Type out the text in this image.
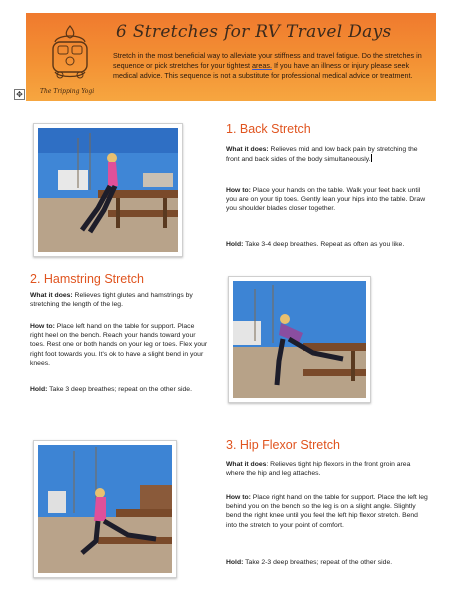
The Tripping Yogi
6 Stretches for RV Travel Days
Stretch in the most beneficial way to alleviate your stiffness and travel fatigue. Do the stretches in sequence or pick stretches for your tightest areas. If you have an illness or injury please seek medical advice. This sequence is not a substitute for professional medical advice or treatment.
✥
1. Back Stretch
What it does: Relieves mid and low back pain by stretching the front and back sides of the body simultaneously.
How to: Place your hands on the table. Walk your feet back until you are on your tip toes. Gently lean your hips into the table. Draw you shoulder blades closer together.
Hold: Take 3-4 deep breathes. Repeat as often as you like.
2. Hamstring Stretch
What it does: Relieves tight glutes and hamstrings by stretching the length of the leg.
How to: Place left hand on the table for support. Place right heel on the bench. Reach your hands toward your toes. Rest one or both hands on your leg or toes. Flex your right foot towards you. It's ok to have a slight bend in your knees.
Hold: Take 3 deep breathes; repeat on the other side.
3. Hip Flexor Stretch
What it does: Relieves tight hip flexors in the front groin area where the hip and leg attaches.
How to: Place right hand on the table for support. Place the left leg behind you on the bench so the leg is on a slight angle. Slightly bend the right knee until you feel the left hip flexor stretch. Bend into the stretch to your point of comfort.
Hold: Take 2-3 deep breathes; repeat of the other side.
